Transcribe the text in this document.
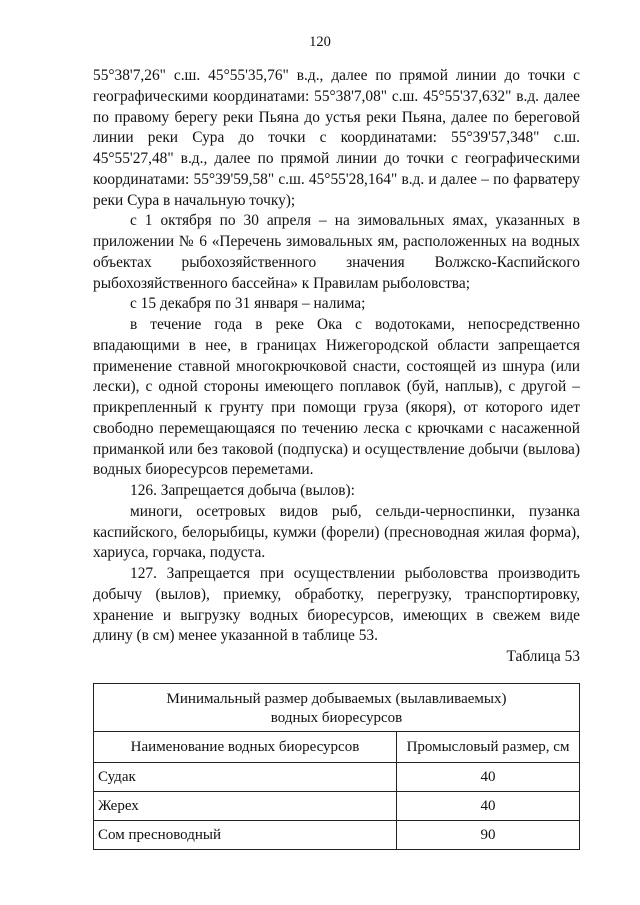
120

55°38'7,26" с.ш. 45°55'35,76" в.д., далее по прямой линии до точки с географическими координатами: 55°38'7,08" с.ш. 45°55'37,632" в.д. далее по правому берегу реки Пьяна до устья реки Пьяна, далее по береговой линии реки Сура до точки с координатами: 55°39'57,348" с.ш. 45°55'27,48" в.д., далее по прямой линии до точки с географическими координатами: 55°39'59,58" с.ш. 45°55'28,164" в.д. и далее – по фарватеру реки Сура в начальную точку);

с 1 октября по 30 апреля – на зимовальных ямах, указанных в приложении № 6 «Перечень зимовальных ям, расположенных на водных объектах рыбохозяйственного значения Волжско-Каспийского рыбохозяйственного бассейна» к Правилам рыболовства;

с 15 декабря по 31 января – налима;

в течение года в реке Ока с водотоками, непосредственно впадающими в нее, в границах Нижегородской области запрещается применение ставной многокрючковой снасти, состоящей из шнура (или лески), с одной стороны имеющего поплавок (буй, наплыв), с другой – прикрепленный к грунту при помощи груза (якоря), от которого идет свободно перемещающаяся по течению леска с крючками с насаженной приманкой или без таковой (подпуска) и осуществление добычи (вылова) водных биоресурсов переметами.

126. Запрещается добыча (вылов):

миноги, осетровых видов рыб, сельди-черноспинки, пузанка каспийского, белорыбицы, кумжи (форели) (пресноводная жилая форма), хариуса, горчака, подуста.

127. Запрещается при осуществлении рыболовства производить добычу (вылов), приемку, обработку, перегрузку, транспортировку, хранение и выгрузку водных биоресурсов, имеющих в свежем виде длину (в см) менее указанной в таблице 53.

Таблица 53
Минимальный размер добываемых (вылавливаемых) водных биоресурсов	
Наименование водных биоресурсов	Промысловый размер, см
Судак	40
Жерех	40
Сом пресноводный	90
